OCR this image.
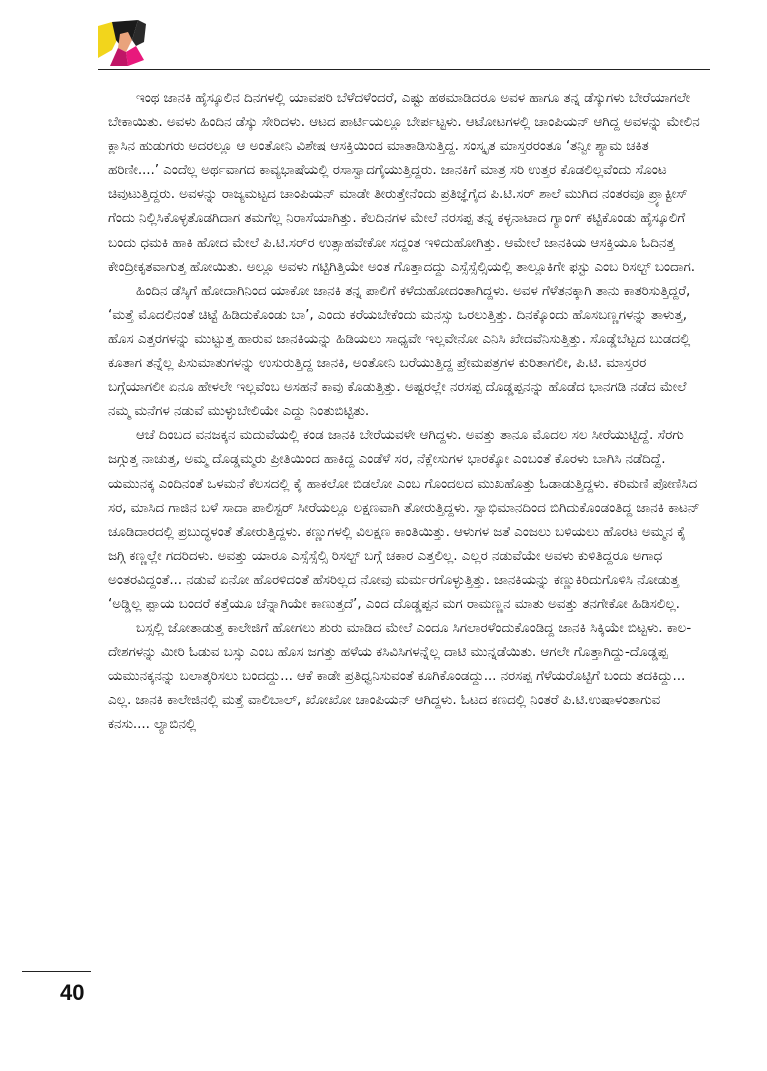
ಇಂಥ ಜಾನಕಿ ಹೈಸ್ಕೂಲಿನ ದಿನಗಳಲ್ಲಿ ಯಾವಪರಿ ಬೆಳೆದಳೆಂದರೆ, ಎಷ್ಟು ಹಠಮಾಡಿದರೂ ಅವಳ ಹಾಗೂ ತನ್ನ ಡೆಸ್ಕುಗಳು ಬೇರೆಯಾಗಲೇ ಬೇಕಾಯಿತು. ಅವಳು ಹಿಂದಿನ ಡೆಸ್ಕು ಸೇರಿದಳು. ಆಟದ ಪಾರ್ಟಿಯಲ್ಲೂ ಬೇರ್ಪಟ್ಟಳು. ಆಟೋಟಗಳಲ್ಲಿ ಚಾಂಪಿಯನ್ ಆಗಿದ್ದ ಅವಳನ್ನು ಮೇಲಿನ ಕ್ಲಾಸಿನ ಹುಡುಗರು ಅದರಲ್ಲೂ ಆ ಅಂತೋನಿ ವಿಶೇಷ ಆಸಕ್ತಿಯಿಂದ ಮಾತಾಡಿಸುತ್ತಿದ್ದ. ಸಂಸ್ಕೃತ ಮಾಸ್ತರರಂತೂ ‘ತನ್ವೀ ಶ್ಯಾಮ ಚಕಿತ ಹರಿಣೀ....’ ಎಂದೆಲ್ಲ ಅರ್ಥವಾಗದ ಕಾವ್ಯಭಾಷೆಯಲ್ಲಿ ರಸಾಸ್ವಾದಗೈಯುತ್ತಿದ್ದರು. ಜಾನಕಿಗೆ ಮಾತ್ರ ಸರಿ ಉತ್ತರ ಕೊಡಲಿಲ್ಲವೆಂದು ಸೊಂಟ ಚಿವುಟುತ್ತಿದ್ದರು. ಅವಳನ್ನು ರಾಜ್ಯಮಟ್ಟದ ಚಾಂಪಿಯನ್ ಮಾಡೇ ತೀರುತ್ತೇನೆಂದು ಪ್ರತಿಜ್ಞೆಗೈದ ಪಿ.ಟಿ.ಸರ್ ಶಾಲೆ ಮುಗಿದ ನಂತರವೂ ಪ್ರ್ಯಾಕ್ಟೀಸ್ ಗೆಂದು ನಿಲ್ಲಿಸಿಕೊಳ್ಳತೊಡಗಿದಾಗ ತಮಗೆಲ್ಲ ನಿರಾಸೆಯಾಗಿತ್ತು. ಕೆಲದಿನಗಳ ಮೇಲೆ ನರಸಪ್ಪ ತನ್ನ ಕಳ್ಳನಾಟಾದ ಗ್ಯಾಂಗ್ ಕಟ್ಟಿಕೊಂಡು ಹೈಸ್ಕೂಲಿಗೆ ಬಂದು ಧಮಕಿ ಹಾಕಿ ಹೋದ ಮೇಲೆ ಪಿ.ಟಿ.ಸರ್‌ರ ಉತ್ಸಾಹವೇಕೋ ಸದ್ದಂತ ಇಳಿದುಹೋಗಿತ್ತು. ಆಮೇಲೆ ಜಾನಕಿಯ ಆಸಕ್ತಿಯೂ ಓದಿನತ್ತ ಕೇಂದ್ರೀಕೃತವಾಗುತ್ತ ಹೋಯಿತು. ಅಲ್ಲೂ ಅವಳು ಗಟ್ಟಿಗಿತ್ತಿಯೇ ಅಂತ ಗೊತ್ತಾದದ್ದು ಎಸ್ಸೆಸ್ಸೆಲ್ಸಿಯಲ್ಲಿ ತಾಲ್ಲೂಕಿಗೇ ಫಸ್ಟು ಎಂಬ ರಿಸಲ್ಟ್ ಬಂದಾಗ.

ಹಿಂದಿನ ಡೆಸ್ಕಿಗೆ ಹೋದಾಗಿನಿಂದ ಯಾಕೋ ಜಾನಕಿ ತನ್ನ ಪಾಲಿಗೆ ಕಳೆದುಹೋದಂತಾಗಿದ್ದಳು. ಅವಳ ಗೆಳೆತನಕ್ಕಾಗಿ ತಾನು ಕಾತರಿಸುತ್ತಿದ್ದರೆ, ‘ಮತ್ತೆ ಮೊದಲಿನಂತೆ ಚಿಟ್ಟೆ ಹಿಡಿದುಕೊಂಡು ಬಾ’, ಎಂದು ಕರೆಯಬೇಕೆಂದು ಮನಸ್ಸು ಒರಲುತ್ತಿತ್ತು. ದಿನಕ್ಕೊಂದು ಹೊಸಬಣ್ಣಗಳನ್ನು ತಾಳುತ್ತ, ಹೊಸ ಎತ್ತರಗಳನ್ನು ಮುಟ್ಟುತ್ತ ಹಾರುವ ಜಾನಕಿಯನ್ನು ಹಿಡಿಯಲು ಸಾಧ್ಯವೇ ಇಲ್ಲವೇನೋ ಎನಿಸಿ ಖೇದವೆನಿಸುತ್ತಿತ್ತು. ಸೊಡ್ಡೆಬೆಟ್ಟದ ಬುಡದಲ್ಲಿ ಕೂತಾಗ ತನ್ನೆಲ್ಲ ಪಿಸುಮಾತುಗಳನ್ನು ಉಸುರುತ್ತಿದ್ದ ಜಾನಕಿ, ಅಂತೋನಿ ಬರೆಯುತ್ತಿದ್ದ ಪ್ರೇಮಪತ್ರಗಳ ಕುರಿತಾಗಲೀ, ಪಿ.ಟಿ. ಮಾಸ್ತರರ ಬಗ್ಗೆಯಾಗಲೀ ಏನೂ ಹೇಳಲೇ ಇಲ್ಲವೆಂಬ ಅಸಹನೆ ಕಾವು ಕೊಡುತ್ತಿತ್ತು. ಅಷ್ಟರಲ್ಲೇ ನರಸಪ್ಪ ದೊಡ್ಡಪ್ಪನನ್ನು ಹೊಡೆದ ಭಾನಗಡಿ ನಡೆದ ಮೇಲೆ ನಮ್ಮ ಮನೆಗಳ ನಡುವೆ ಮುಳ್ಳುಬೇಲಿಯೇ ಎದ್ದು ನಿಂತುಬಿಟ್ಟಿತು.

ಆಚೆ ದಿಂಬದ ವನಜಕ್ಕನ ಮದುವೆಯಲ್ಲಿ ಕಂಡ ಜಾನಕಿ ಬೇರೆಯವಳೇ ಆಗಿದ್ದಳು. ಅವತ್ತು ತಾನೂ ಮೊದಲ ಸಲ ಸೀರೆಯುಟ್ಟಿದ್ದೆ. ಸೆರಗು ಜಗ್ಗುತ್ತ ನಾಚುತ್ತ, ಅಮ್ಮ ದೊಡ್ಡಮ್ಮರು ಪ್ರೀತಿಯಿಂದ ಹಾಕಿದ್ದ ಎಂಡೆಳೆ ಸರ, ನೆಕ್ಲೇಸುಗಳ ಭಾರಕ್ಕೋ ಎಂಬಂತೆ ಕೊರಳು ಬಾಗಿಸಿ ನಡೆದಿದ್ದೆ. ಯಮುನಕ್ಕ ಎಂದಿನಂತೆ ಒಳಮನೆ ಕೆಲಸದಲ್ಲಿ ಕೈ ಹಾಕಲೋ ಬಿಡಲೋ ಎಂಬ ಗೊಂದಲದ ಮುಖಹೊತ್ತು ಓಡಾಡುತ್ತಿದ್ದಳು. ಕರಿಮಣಿ ಪೋಣಿಸಿದ ಸರ, ಮಾಸಿದ ಗಾಜಿನ ಬಳೆ ಸಾದಾ ಪಾಲಿಸ್ಟರ್ ಸೀರೆಯಲ್ಲೂ ಲಕ್ಷಣವಾಗಿ ತೋರುತ್ತಿದ್ದಳು. ಸ್ವಾಭಿಮಾನದಿಂದ ಬಿಗಿದುಕೊಂಡಂತಿದ್ದ ಜಾನಕಿ ಕಾಟನ್ ಚೂಡಿದಾರದಲ್ಲಿ ಪ್ರಬುದ್ಧಳಂತೆ ತೋರುತ್ತಿದ್ದಳು. ಕಣ್ಣುಗಳಲ್ಲಿ ವಿಲಕ್ಷಣ ಕಾಂತಿಯಿತ್ತು. ಆಳುಗಳ ಜತೆ ಎಂಜಲು ಬಳಿಯಲು ಹೊರಟ ಅಮ್ಮನ ಕೈ ಜಗ್ಗಿ ಕಣ್ಣಲ್ಲೇ ಗದರಿದಳು. ಅವತ್ತು ಯಾರೂ ಎಸ್ಸೆಸ್ಸೆಲ್ಸಿ ರಿಸಲ್ಟ್ ಬಗ್ಗೆ ಚಕಾರ ಎತ್ತಲಿಲ್ಲ. ಎಲ್ಲರ ನಡುವೆಯೇ ಅವಳು ಕುಳಿತಿದ್ದರೂ ಅಗಾಧ ಅಂತರವಿದ್ದಂತೆ... ನಡುವೆ ಏನೋ ಹೊರಳಿದಂತೆ ಹೆಸರಿಲ್ಲದ ನೋವು ಮರ್ಮರಗೊಳ್ಳುತ್ತಿತ್ತು. ಜಾನಕಿಯನ್ನು ಕಣ್ಣುಕಿರಿದುಗೊಳಿಸಿ ನೋಡುತ್ತ ‘ಅಡ್ಡಿಲ್ಲ ಪ್ಪಾಯ ಬಂದರೆ ಕತ್ತೆಯೂ ಚೆನ್ನಾಗಿಯೇ ಕಾಣುತ್ತದೆ’, ಎಂದ ದೊಡ್ಡಪ್ಪನ ಮಗ ರಾಮಣ್ಣನ ಮಾತು ಅವತ್ತು ತನಗೇಕೋ ಹಿಡಿಸಲಿಲ್ಲ.

ಬಸ್ಸಲ್ಲಿ ಜೋತಾಡುತ್ತ ಕಾಲೇಜಿಗೆ ಹೋಗಲು ಶುರು ಮಾಡಿದ ಮೇಲೆ ಎಂದೂ ಸಿಗಲಾರಳೆಂದುಕೊಂಡಿದ್ದ ಜಾನಕಿ ಸಿಕ್ಕಿಯೇ ಬಿಟ್ಟಳು. ಕಾಲ-ದೇಶಗಳನ್ನು ಮೀರಿ ಓಡುವ ಬಸ್ಸು ಎಂಬ ಹೊಸ ಜಗತ್ತು ಹಳೆಯ ಕಸಿವಿಸಿಗಳನ್ನೆಲ್ಲ ದಾಟಿ ಮುನ್ನಡೆಯಿತು. ಆಗಲೇ ಗೊತ್ತಾಗಿದ್ದು-ದೊಡ್ಡಪ್ಪ ಯಮುನಕ್ಕನನ್ನು ಬಲಾತ್ಕರಿಸಲು ಬಂದದ್ದು... ಆಕೆ ಕಾಡೇ ಪ್ರತಿಧ್ವನಿಸುವಂತೆ ಕೂಗಿಕೊಂಡದ್ದು... ನರಸಪ್ಪ ಗೆಳೆಯರೊಟ್ಟಿಗೆ ಬಂದು ತದಕಿದ್ದು... ಎಲ್ಲ. ಜಾನಕಿ ಕಾಲೇಜಿನಲ್ಲಿ ಮತ್ತೆ ವಾಲಿಬಾಲ್, ಖೋಖೋ ಚಾಂಪಿಯನ್ ಆಗಿದ್ದಳು. ಓಟದ ಕಣದಲ್ಲಿ ನಿಂತರೆ ಪಿ.ಟಿ.ಉಷಾಳಂತಾಗುವ ಕನಸು.... ಲ್ಯಾಬಿನಲ್ಲಿ

40
